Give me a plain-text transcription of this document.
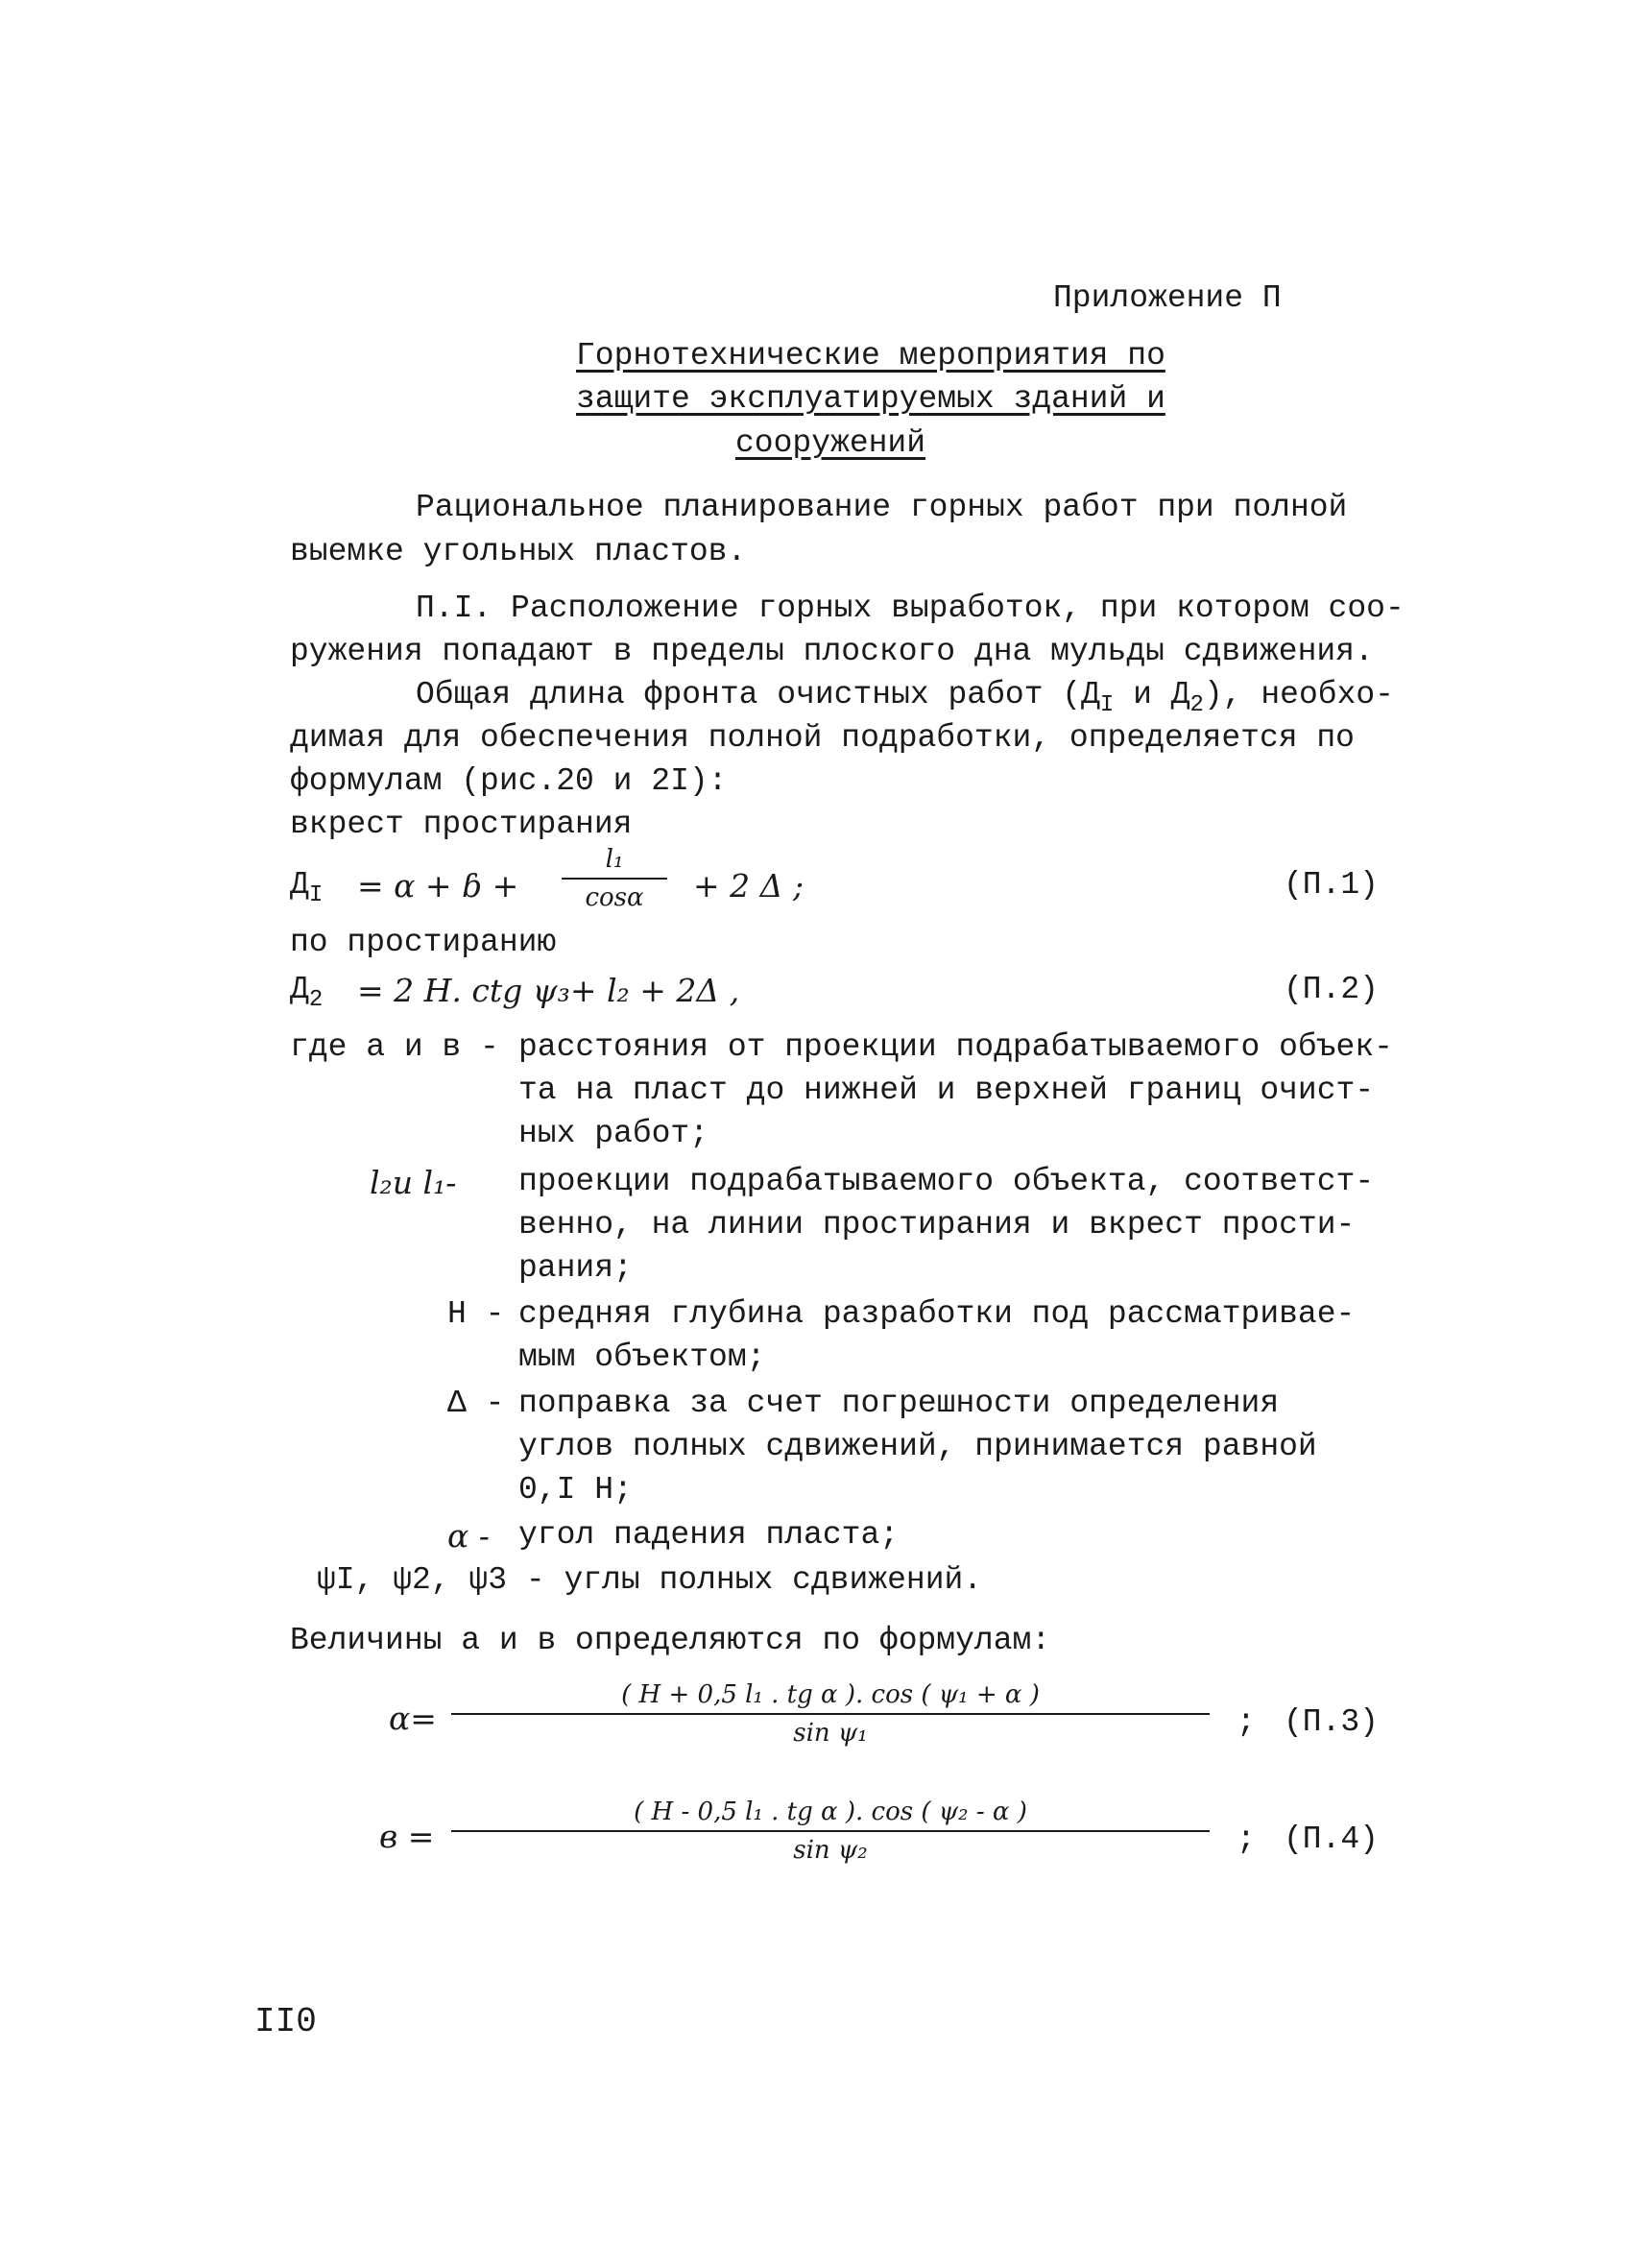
Приложение П
Горнотехнические мероприятия по
защите эксплуатируемых зданий и
сооружений
Рациональное планирование горных работ при полной
выемке угольных пластов.
П.I. Расположение горных выработок, при котором соо-
ружения попадают в пределы плоского дна мульды сдвижения.
Общая длина фронта очистных работ ($Д_I$ и $Д_2$), необхо-
димая для обеспечения полной подработки, определяется по
формулам (рис.20 и 2I):
вкрест простирания
$Д_I = \alpha$ + ɓ + $\frac{\text{l₁}}{\cos\alpha} + 2$ Δ ;	(П.1)
по простиранию
$Д_2 = 2$ Н. ctg ψ₃+ l₂ + 2Δ ,	(П.2)
где а и в - расстояния от проекции подрабатываемого объек-
та на пласт до нижней и верхней границ очист-
ных работ;
l₂и l₁- проекции подрабатываемого объекта, соответст-
венно, на линии простирания и вкрест прости-
рания;
Н - средняя глубина разработки под рассматривае-
мым объектом;
Δ - поправка за счет погрешности определения
углов полных сдвижений, принимается равной
0,I Н;
α - угол падения пласта;
ψI, ψ2, ψ3 - углы полных сдвижений.
Величины а и в определяются по формулам:
α=
( Н + 0,5 l₁ . tg α ). cos ( ψ₁ + α )
sin ψ₁	; (П.3)
в =
( Н - 0,5 l₁ . tg α ). cos ( ψ₂ - α )
sin ψ₂	; (П.4)
II0
